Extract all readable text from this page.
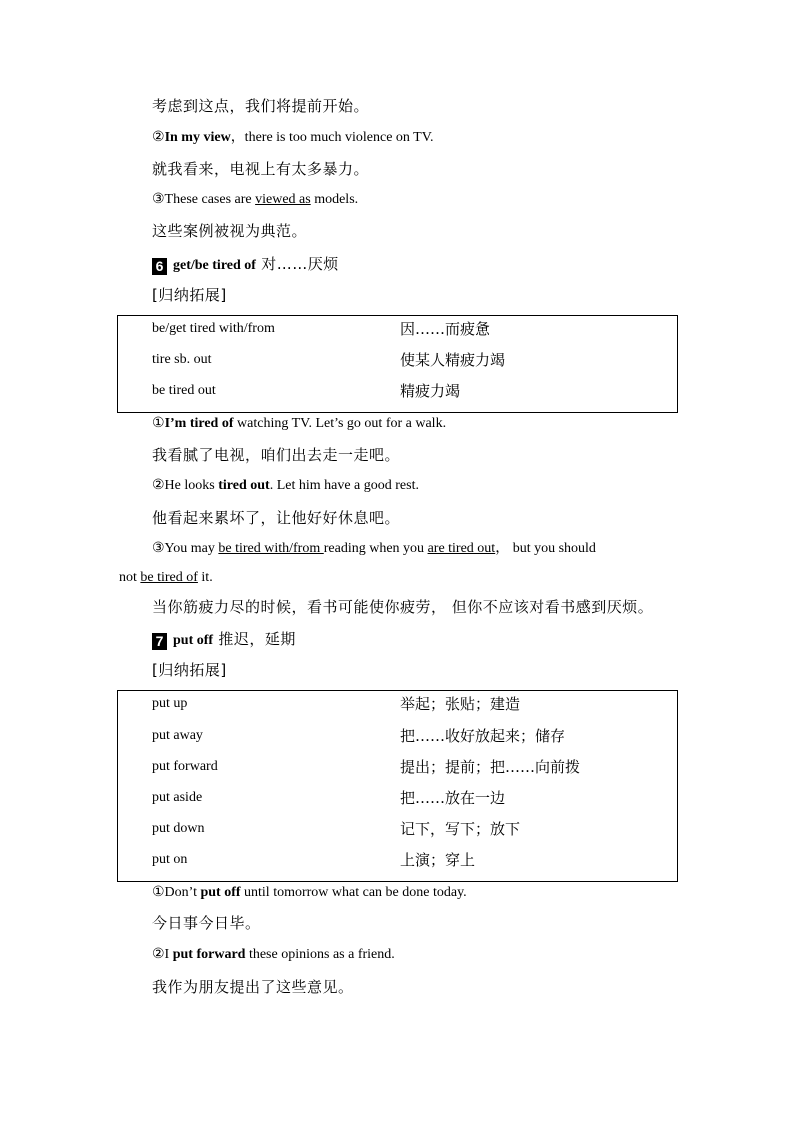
考虑到这点，我们将提前开始。
②In my view，there is too much violence on TV.
就我看来，电视上有太多暴力。
③These cases are viewed as models.
这些案例被视为典范。
6 get/be tired of 对……厌烦
[归纳拓展]
be/get tired with/from	因……而疲惫
tire sb. out	使某人精疲力竭
be tired out	精疲力竭
①I’m tired of watching TV. Let’s go out for a walk.
我看腻了电视，咱们出去走一走吧。
②He looks tired out. Let him have a good rest.
他看起来累坏了，让他好好休息吧。
③You may be tired with/from reading when you are tired out， but you should
not be tired of it.
当你筋疲力尽的时候，看书可能使你疲劳， 但你不应该对看书感到厌烦。
7 put off 推迟，延期
[归纳拓展]
put up	举起；张贴；建造
put away	把……收好放起来；储存
put forward	提出；提前；把……向前拨
put aside	把……放在一边
put down	记下，写下；放下
put on	上演；穿上
①Don’t put off until tomorrow what can be done today.
今日事今日毕。
②I put forward these opinions as a friend.
我作为朋友提出了这些意见。
